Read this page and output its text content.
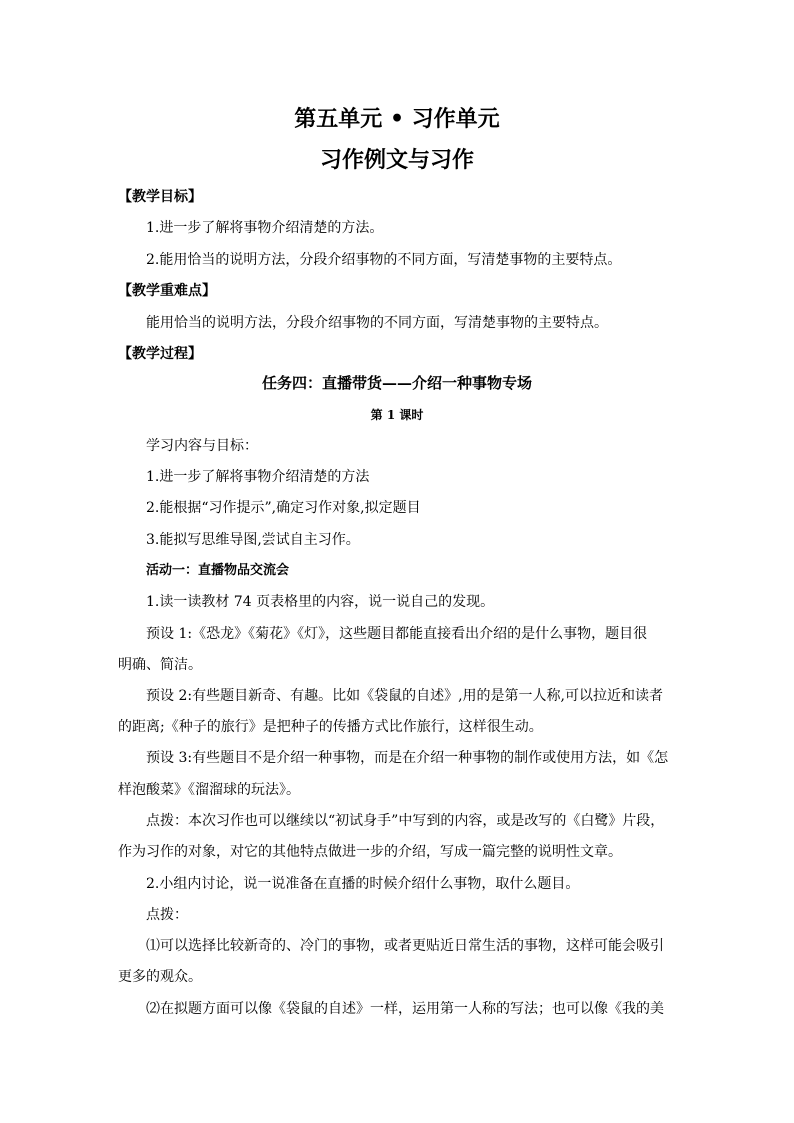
第五单元 • 习作单元
习作例文与习作
【教学目标】
1.进一步了解将事物介绍清楚的方法。
2.能用恰当的说明方法，分段介绍事物的不同方面，写清楚事物的主要特点。
【教学重难点】
能用恰当的说明方法，分段介绍事物的不同方面，写清楚事物的主要特点。
【教学过程】
任务四：直播带货——介绍一种事物专场
第 1 课时
学习内容与目标：
1.进一步了解将事物介绍清楚的方法
2.能根据“习作提示”,确定习作对象,拟定题目
3.能拟写思维导图,尝试自主习作。
活动一：直播物品交流会
1.读一读教材 74 页表格里的内容，说一说自己的发现。
预设 1:《恐龙》《菊花》《灯》，这些题目都能直接看出介绍的是什么事物，题目很
明确、简洁。
预设 2:有些题目新奇、有趣。比如《袋鼠的自述》,用的是第一人称,可以拉近和读者
的距离;《种子的旅行》是把种子的传播方式比作旅行，这样很生动。
预设 3:有些题目不是介绍一种事物，而是在介绍一种事物的制作或使用方法，如《怎
样泡酸菜》《溜溜球的玩法》。
点拨：本次习作也可以继续以“初试身手”中写到的内容，或是改写的《白鹭》片段，
作为习作的对象，对它的其他特点做进一步的介绍，写成一篇完整的说明性文章。
2.小组内讨论，说一说准备在直播的时候介绍什么事物，取什么题目。
点拨：
⑴可以选择比较新奇的、冷门的事物，或者更贴近日常生活的事物，这样可能会吸引
更多的观众。
⑵在拟题方面可以像《袋鼠的自述》一样，运用第一人称的写法；也可以像《我的美
